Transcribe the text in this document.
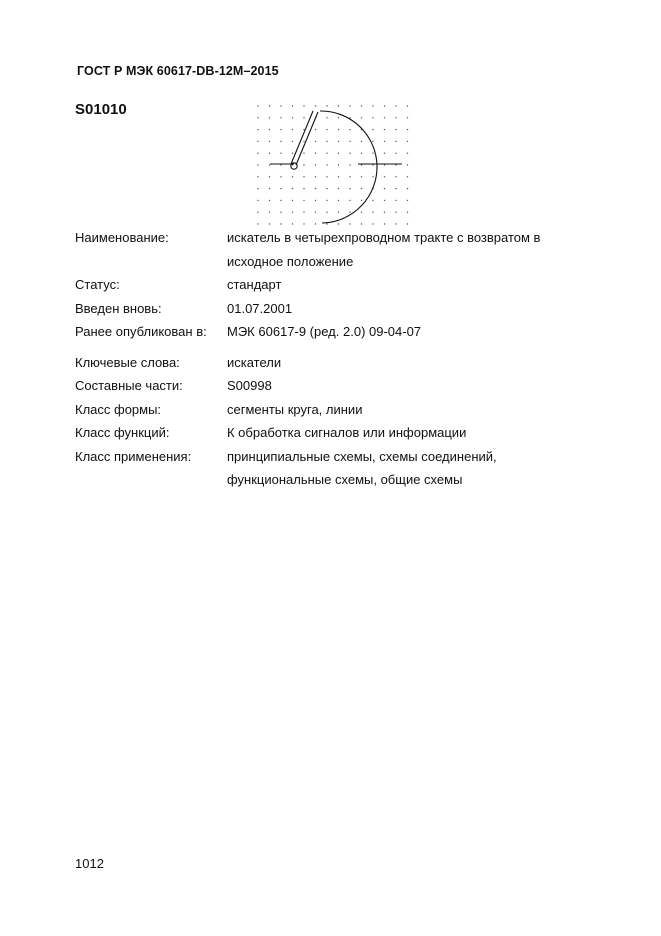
ГОСТ Р МЭК 60617-DB-12М–2015
S01010
Наименование:	искатель в четырехпроводном тракте с возвратом в исходное положение
Статус:	стандарт
Введен вновь:	01.07.2001
Ранее опубликован в:	МЭК 60617-9 (ред. 2.0) 09-04-07
Ключевые слова:	искатели
Составные части:	S00998
Класс формы:	сегменты круга, линии
Класс функций:	К обработка сигналов или информации
Класс применения:	принципиальные схемы, схемы соединений, функциональные схемы, общие схемы
1012
